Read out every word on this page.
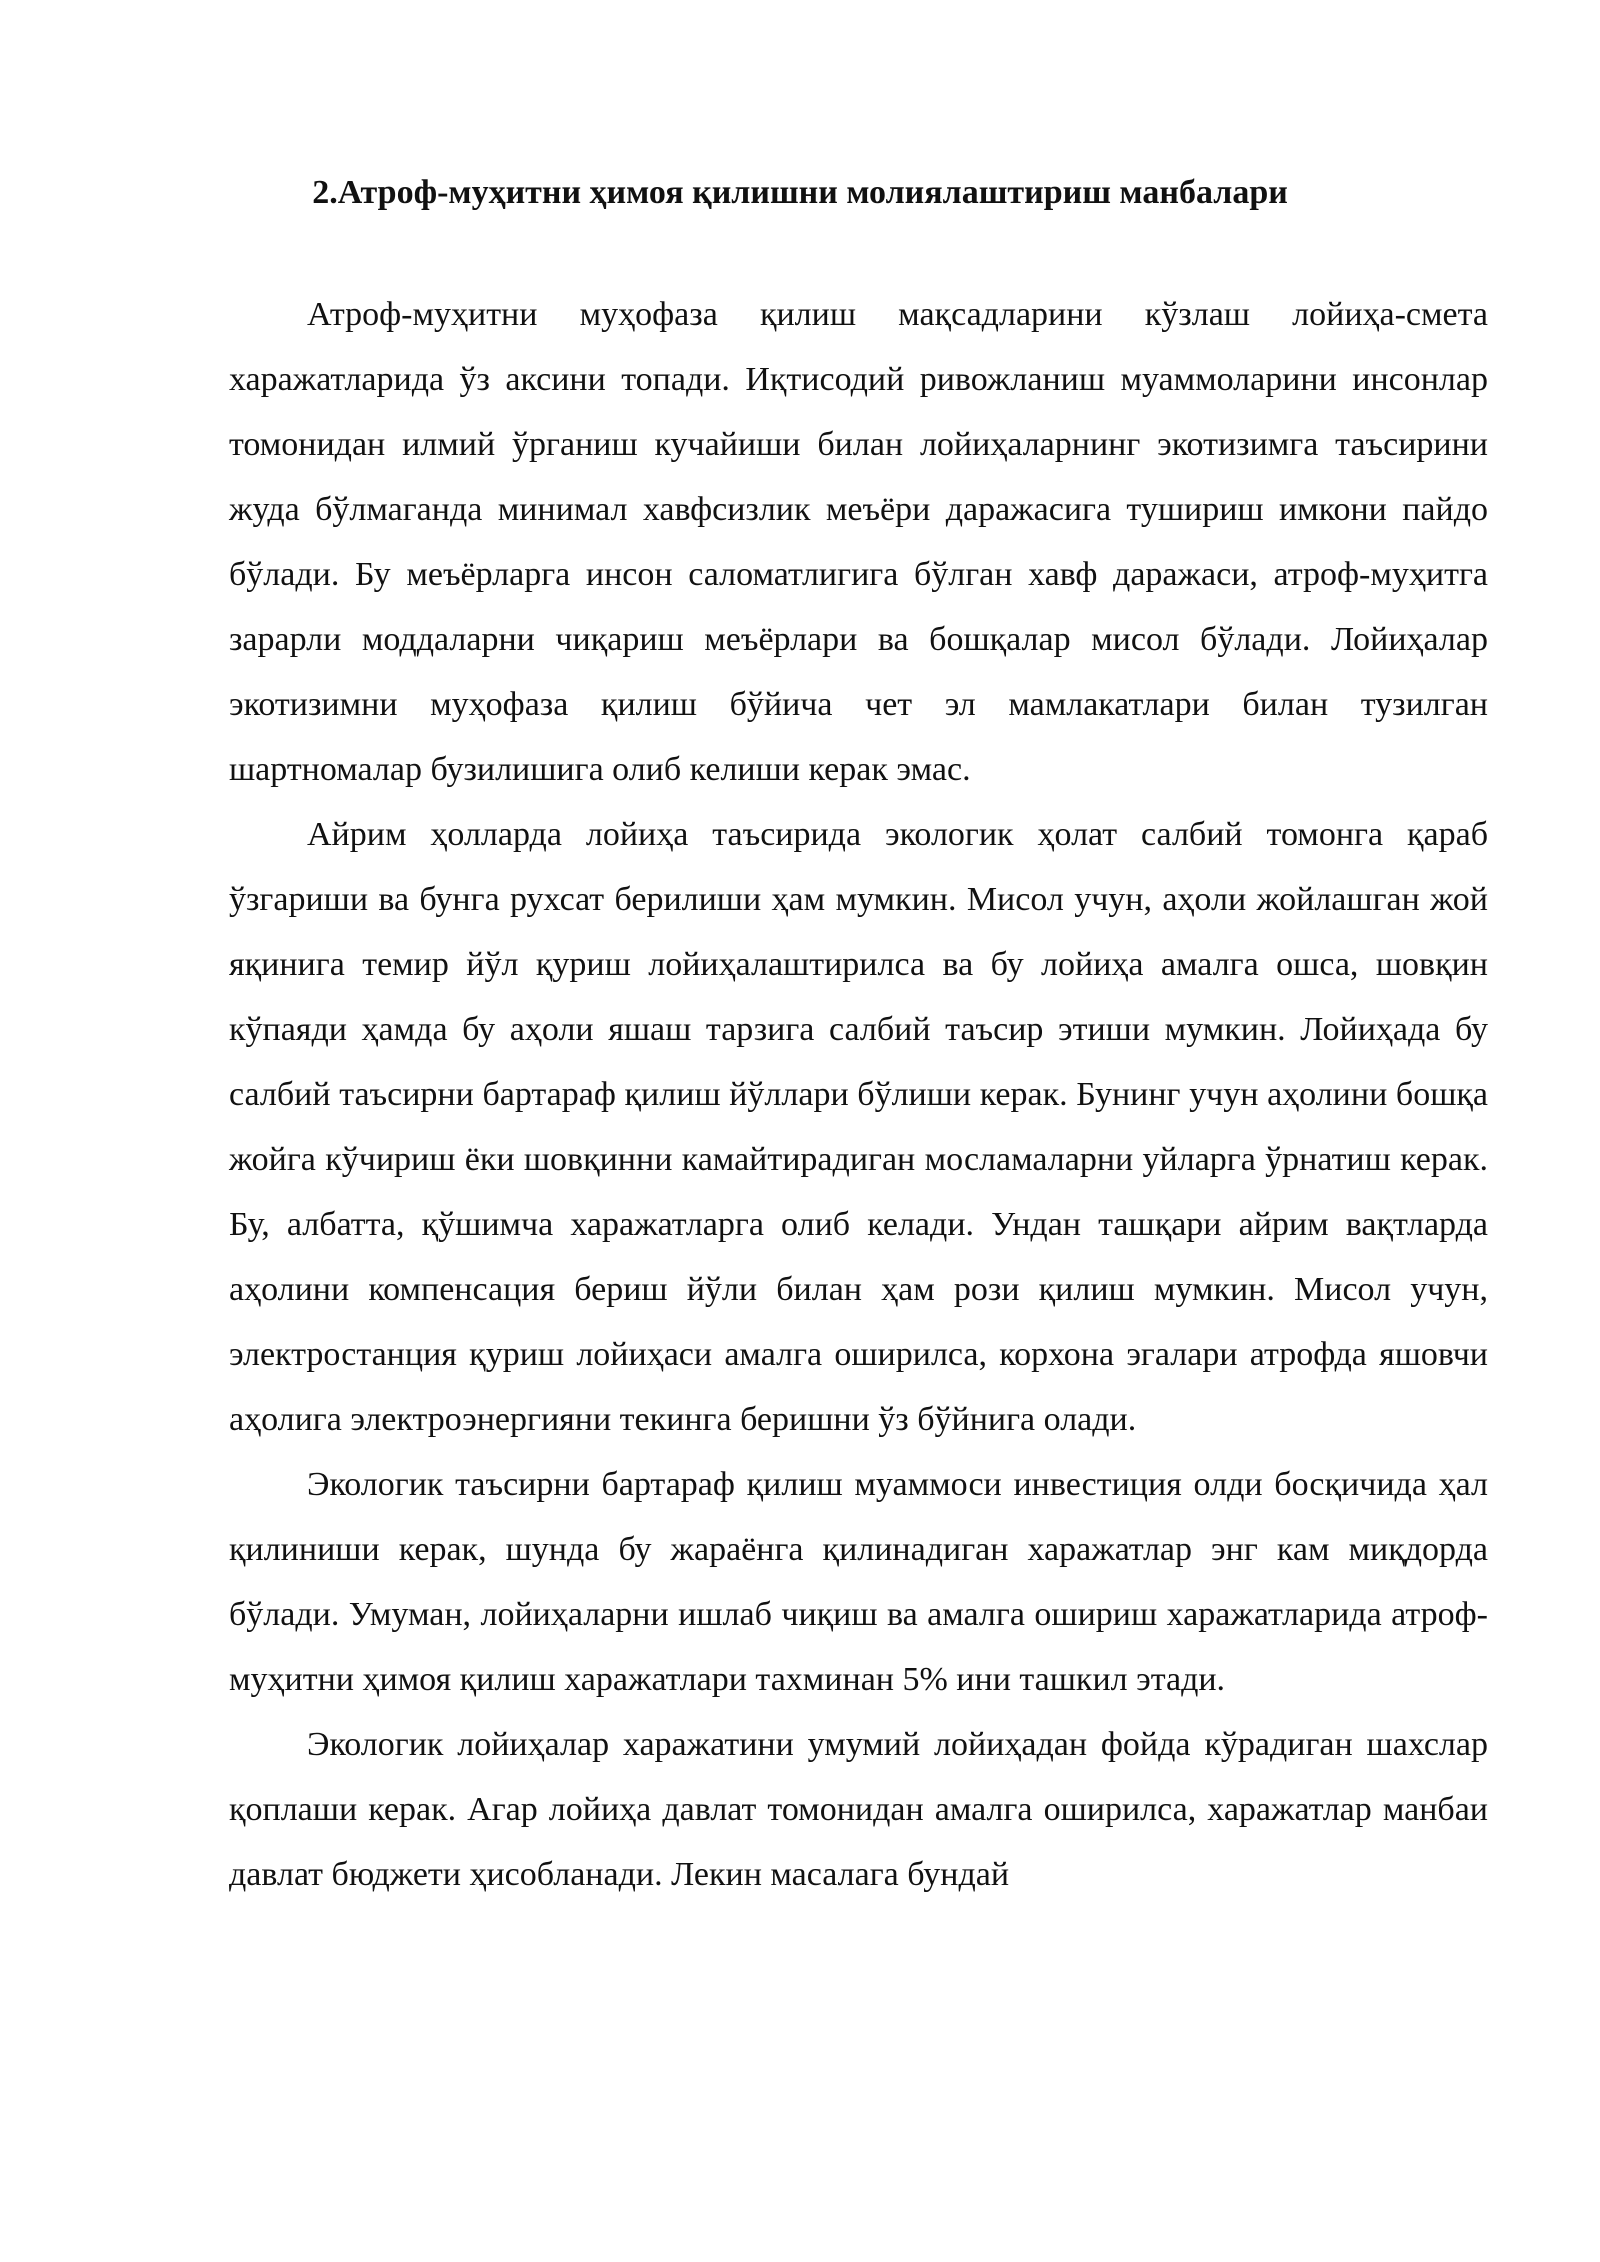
2.Атроф-муҳитни ҳимоя қилишни молиялаштириш манбалари

Атроф-муҳитни муҳофаза қилиш мақсадларини кўзлаш лойиҳа-смета харажатларида ўз аксини топади. Иқтисодий ривожланиш муаммоларини инсонлар томонидан илмий ўрганиш кучайиши билан лойиҳаларнинг экотизимга таъсирини жуда бўлмаганда минимал хавфсизлик меъёри даражасига тушириш имкони пайдо бўлади. Бу меъёрларга инсон саломатлигига бўлган хавф даражаси, атроф-муҳитга зарарли моддаларни чиқариш меъёрлари ва бошқалар мисол бўлади. Лойиҳалар экотизимни муҳофаза қилиш бўйича чет эл мамлакатлари билан тузилган шартномалар бузилишига олиб келиши керак эмас.

Айрим ҳолларда лойиҳа таъсирида экологик ҳолат салбий томонга қараб ўзгариши ва бунга рухсат берилиши ҳам мумкин. Мисол учун, аҳоли жойлашган жой яқинига темир йўл қуриш лойиҳалаштирилса ва бу лойиҳа амалга ошса, шовқин кўпаяди ҳамда бу аҳоли яшаш тарзига салбий таъсир этиши мумкин. Лойиҳада бу салбий таъсирни бартараф қилиш йўллари бўлиши керак. Бунинг учун аҳолини бошқа жойга кўчириш ёки шовқинни камайтирадиган мосламаларни уйларга ўрнатиш керак. Бу, албатта, қўшимча харажатларга олиб келади. Ундан ташқари айрим вақтларда аҳолини компенсация бериш йўли билан ҳам рози қилиш мумкин. Мисол учун, электростанция қуриш лойиҳаси амалга оширилса, корхона эгалари атрофда яшовчи аҳолига электроэнергияни текинга беришни ўз бўйнига олади.

Экологик таъсирни бартараф қилиш муаммоси инвестиция олди босқичида ҳал қилиниши керак, шунда бу жараёнга қилинадиган харажатлар энг кам миқдорда бўлади. Умуман, лойиҳаларни ишлаб чиқиш ва амалга ошириш харажатларида атроф-муҳитни ҳимоя қилиш харажатлари тахминан 5% ини ташкил этади.

Экологик лойиҳалар харажатини умумий лойиҳадан фойда кўрадиган шахслар қоплаши керак. Агар лойиҳа давлат томонидан амалга оширилса, харажатлар манбаи давлат бюджети ҳисобланади. Лекин масалага бундай
